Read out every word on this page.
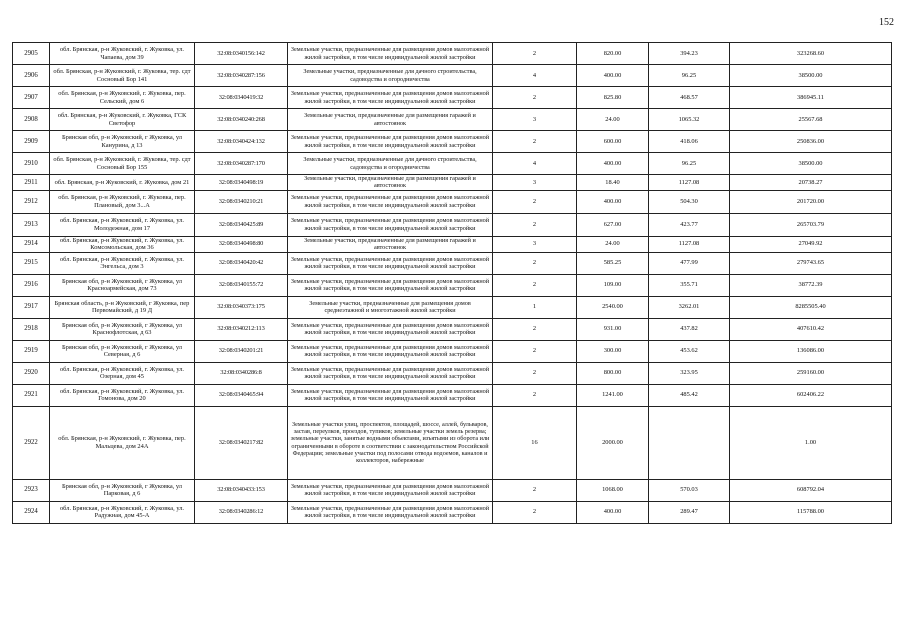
152
2905	обл. Брянская, р-н Жуковский, г. Жуковка, ул. Чапаева, дом 39	32:08:0340156:142	Земельные участки, предназначенные для размещения домов малоэтажной жилой застройки, в том числе индивидуальной жилой застройки	2	820.00	394.23	323268.60
2906	обл. Брянская, р-н Жуковский, г. Жуковка, тер. сдт Сосновый Бор 141	32:08:0340287:156	Земельные участки, предназначенные для дачного строительства, садоводства и огородничества	4	400.00	96.25	38500.00
2907	обл. Брянская, р-н Жуковский, г. Жуковка, пер. Сельский, дом 6	32:08:0340419:32	Земельные участки, предназначенные для размещения домов малоэтажной жилой застройки, в том числе индивидуальной жилой застройки	2	825.80	468.57	386945.11
2908	обл. Брянская, р-н Жуковский, г. Жуковка, ГСК Светофор	32:08:0340240:268	Земельные участки, предназначенные для размещения гаражей и автостоянок	3	24.00	1065.32	25567.68
2909	Брянская обл, р-н Жуковский, г Жуковка, ул Канурина, д 13	32:08:0340424:132	Земельные участки, предназначенные для размещения домов малоэтажной жилой застройки, в том числе индивидуальной жилой застройки	2	600.00	418.06	250836.00
2910	обл. Брянская, р-н Жуковский, г. Жуковка, тер. сдт Сосновый Бор 155	32:08:0340287:170	Земельные участки, предназначенные для дачного строительства, садоводства и огородничества	4	400.00	96.25	38500.00
2911	обл. Брянская, р-н Жуковский, г. Жуковка, дом 21	32:08:0340498:19	Земельные участки, предназначенные для размещения гаражей и автостоянок	3	18.40	1127.08	20738.27
2912	обл. Брянская, р-н Жуковский, г. Жуковка, пер. Плановый, дом 3...А	32:08:0340210:21	Земельные участки, предназначенные для размещения домов малоэтажной жилой застройки, в том числе индивидуальной жилой застройки	2	400.00	504.30	201720.00
2913	обл. Брянская, р-н Жуковский, г. Жуковка, ул. Молодежная, дом 17	32:08:0340425:89	Земельные участки, предназначенные для размещения домов малоэтажной жилой застройки, в том числе индивидуальной жилой застройки	2	627.00	423.77	265703.79
2914	обл. Брянская, р-н Жуковский, г. Жуковка, ул. Комсомольская, дом 36	32:08:0340498:80	Земельные участки, предназначенные для размещения гаражей и автостоянок	3	24.00	1127.08	27049.92
2915	обл. Брянская, р-н Жуковский, г. Жуковка, ул. Энгельса, дом 3	32:08:0340420:42	Земельные участки, предназначенные для размещения домов малоэтажной жилой застройки, в том числе индивидуальной жилой застройки	2	585.25	477.99	279743.65
2916	Брянская обл, р-н Жуковский, г Жуковка, ул Красноармейская, дом 73	32:08:0340155:72	Земельные участки, предназначенные для размещения домов малоэтажной жилой застройки, в том числе индивидуальной жилой застройки	2	109.00	355.71	38772.39
2917	Брянская область, р-н Жуковский, г Жуковка, пер Первомайский, д 19 Д	32:08:0340373:175	Земельные участки, предназначенные для размещения домов среднеэтажной и многоэтажной жилой застройки	1	2540.00	3262.01	8285505.40
2918	Брянская обл, р-н Жуковский, г Жуковка, ул Краснофлотская, д 63	32:08:0340212:113	Земельные участки, предназначенные для размещения домов малоэтажной жилой застройки, в том числе индивидуальной жилой застройки	2	931.00	437.82	407610.42
2919	Брянская обл, р-н Жуковский, г Жуковка, ул Северная, д 6	32:08:0340201:21	Земельные участки, предназначенные для размещения домов малоэтажной жилой застройки, в том числе индивидуальной жилой застройки	2	300.00	453.62	136086.00
2920	обл. Брянская, р-н Жуковский, г. Жуковка, ул. Озерная, дом 45	32:08:0340286:8	Земельные участки, предназначенные для размещения домов малоэтажной жилой застройки, в том числе индивидуальной жилой застройки	2	800.00	323.95	259160.00
2921	обл. Брянская, р-н Жуковский, г. Жуковка, ул. Гомонова, дом 20	32:08:0340465:94	Земельные участки, предназначенные для размещения домов малоэтажной жилой застройки, в том числе индивидуальной жилой застройки	2	1241.00	485.42	602406.22
2922	обл. Брянская, р-н Жуковский, г. Жуковка, пер. Мальцева, дом 24А	32:08:0340217:82	Земельные участки улиц, проспектов, площадей, шоссе, аллей, бульваров, застав, переулков, проездов, тупиков; земельные участки земель резерва; земельные участки, занятые водными объектами, изъятыми из оборота или ограниченными в обороте в соответствии с законодательством Российской Федерации; земельные участки под полосами отвода водоемов, каналов и коллекторов, набережные	16	2000.00		1.00
2923	Брянская обл, р-н Жуковский, г Жуковка, ул Парковая, д 6	32:08:0340433:153	Земельные участки, предназначенные для размещения домов малоэтажной жилой застройки, в том числе индивидуальной жилой застройки	2	1068.00	570.03	608792.04
2924	обл. Брянская, р-н Жуковский, г. Жуковка, ул. Радужная, дом 45-А	32:08:0340286:12	Земельные участки, предназначенные для размещения домов малоэтажной жилой застройки, в том числе индивидуальной жилой застройки	2	400.00	289.47	115788.00
